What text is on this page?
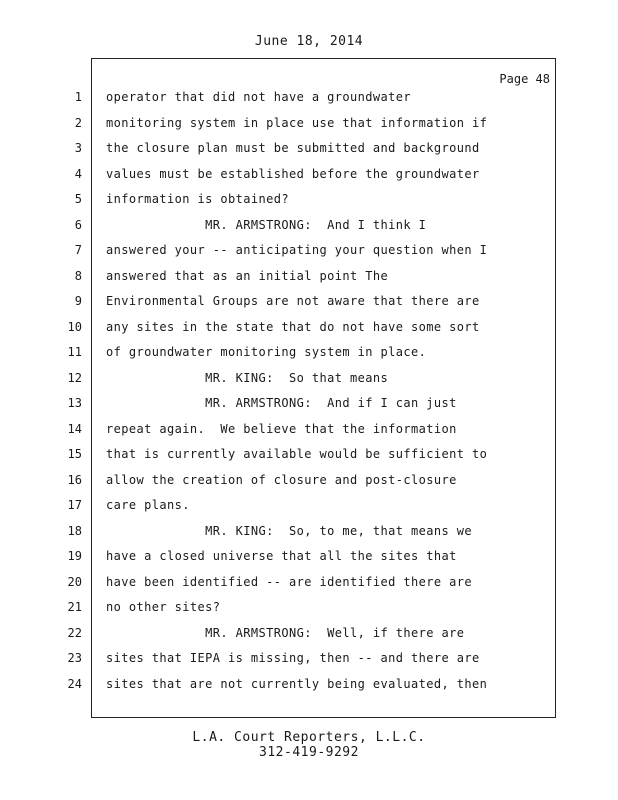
June 18, 2014
Page 48
1 operator that did not have a groundwater
2 monitoring system in place use that information if
3 the closure plan must be submitted and background
4 values must be established before the groundwater
5 information is obtained?
6 MR. ARMSTRONG:  And I think I
7 answered your -- anticipating your question when I
8 answered that as an initial point The
9 Environmental Groups are not aware that there are
10 any sites in the state that do not have some sort
11 of groundwater monitoring system in place.
12 MR. KING:  So that means
13 MR. ARMSTRONG:  And if I can just
14 repeat again.  We believe that the information
15 that is currently available would be sufficient to
16 allow the creation of closure and post-closure
17 care plans.
18 MR. KING:  So, to me, that means we
19 have a closed universe that all the sites that
20 have been identified -- are identified there are
21 no other sites?
22 MR. ARMSTRONG:  Well, if there are
23 sites that IEPA is missing, then -- and there are
24 sites that are not currently being evaluated, then
L.A. Court Reporters, L.L.C.
312-419-9292
